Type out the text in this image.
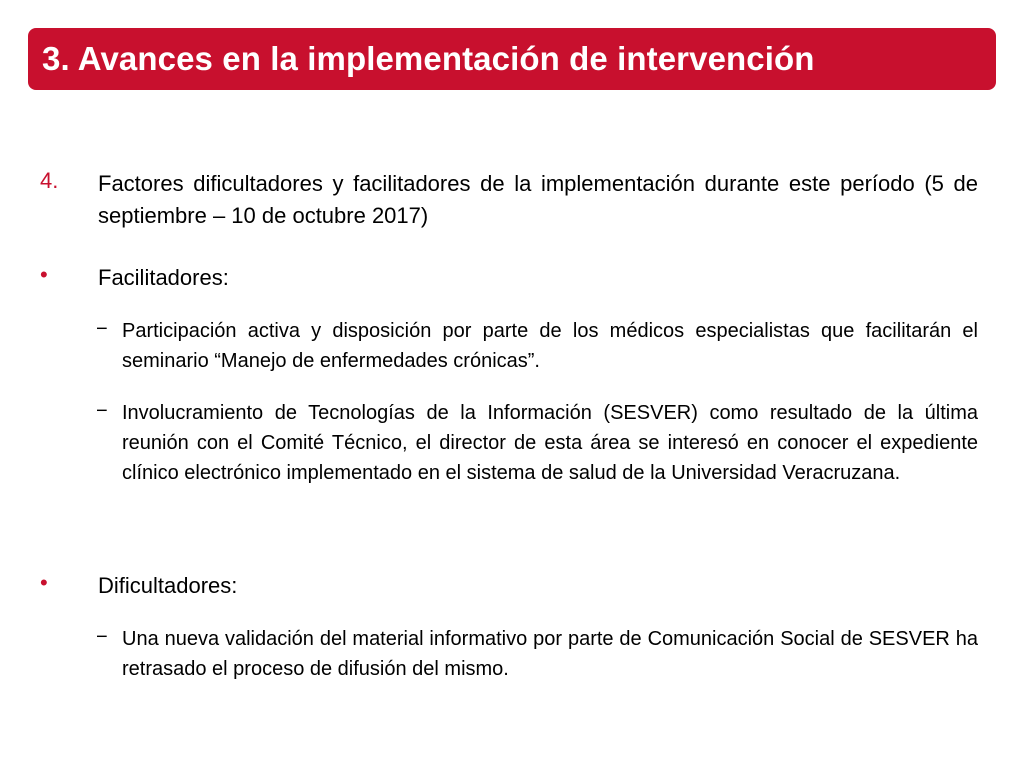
3. Avances en la implementación de intervención
4. Factores dificultadores y facilitadores de la implementación durante este período (5 de septiembre – 10 de octubre 2017)
• Facilitadores:
− Participación activa y disposición por parte de los médicos especialistas que facilitarán el seminario “Manejo de enfermedades crónicas”.
− Involucramiento de Tecnologías de la Información (SESVER) como resultado de la última reunión con el Comité Técnico, el director de esta área se interesó en conocer el expediente clínico electrónico implementado en el sistema de salud de la Universidad Veracruzana.
• Dificultadores:
− Una nueva validación del material informativo por parte de Comunicación Social de SESVER ha retrasado el proceso de difusión del mismo.
